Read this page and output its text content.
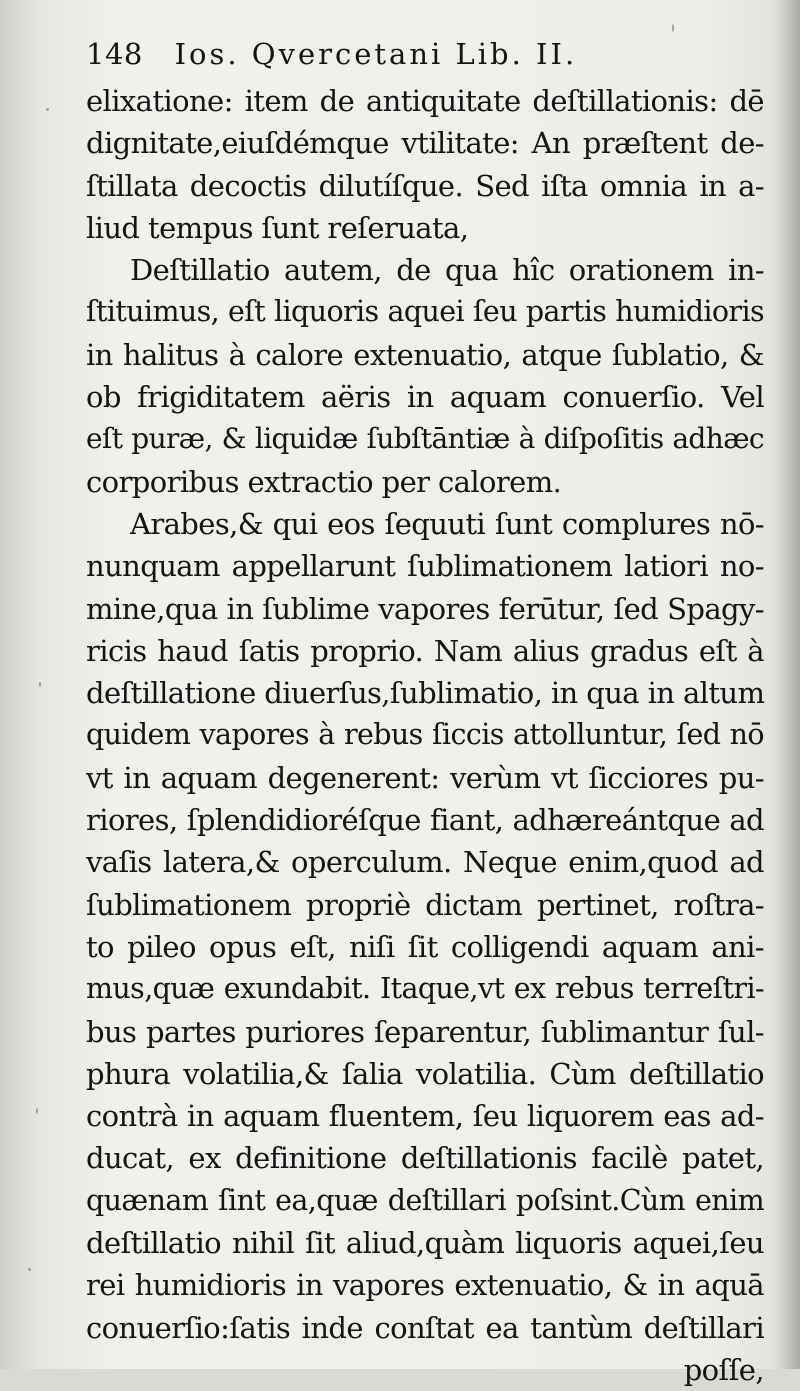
148 Ios. Qvercetani Lib. II.
elixatione: item de antiquitate deſtillationis: dē
dignitate,eiuſdémque vtilitate: An præſtent de-
ſtillata decoctis dilutíſque. Sed iſta omnia in a-
liud tempus ſunt reſeruata,
Deſtillatio autem, de qua hîc orationem in-
ſtituimus, eſt liquoris aquei ſeu partis humidioris
in halitus à calore extenuatio, atque ſublatio, &
ob frigiditatem aëris in aquam conuerſio. Vel
eſt puræ, & liquidæ ſubſtāntiæ à diſpoſitis adhæc
corporibus extractio per calorem.
Arabes,& qui eos ſequuti ſunt complures nō-
nunquam appellarunt ſublimationem latiori no-
mine,qua in ſublime vapores ferūtur, ſed Spagy-
ricis haud ſatis proprio. Nam alius gradus eſt à
deſtillatione diuerſus,ſublimatio, in qua in altum
quidem vapores à rebus ſiccis attolluntur, ſed nō
vt in aquam degenerent: verùm vt ſicciores pu-
riores, ſplendidioréſque fiant, adhæreántque ad
vaſis latera,& operculum. Neque enim,quod ad
ſublimationem propriè dictam pertinet, roſtra-
to pileo opus eſt, niſi ſit colligendi aquam ani-
mus,quæ exundabit. Itaque,vt ex rebus terreſtri-
bus partes puriores ſeparentur, ſublimantur ſul-
phura volatilia,& ſalia volatilia. Cùm deſtillatio
contrà in aquam fluentem, ſeu liquorem eas ad-
ducat, ex definitione deſtillationis facilè patet,
quænam ſint ea,quæ deſtillari poſsint.Cùm enim
deſtillatio nihil ſit aliud,quàm liquoris aquei,ſeu
rei humidioris in vapores extenuatio, & in aquā
conuerſio:ſatis inde conſtat ea tantùm deſtillari
poſſe,
